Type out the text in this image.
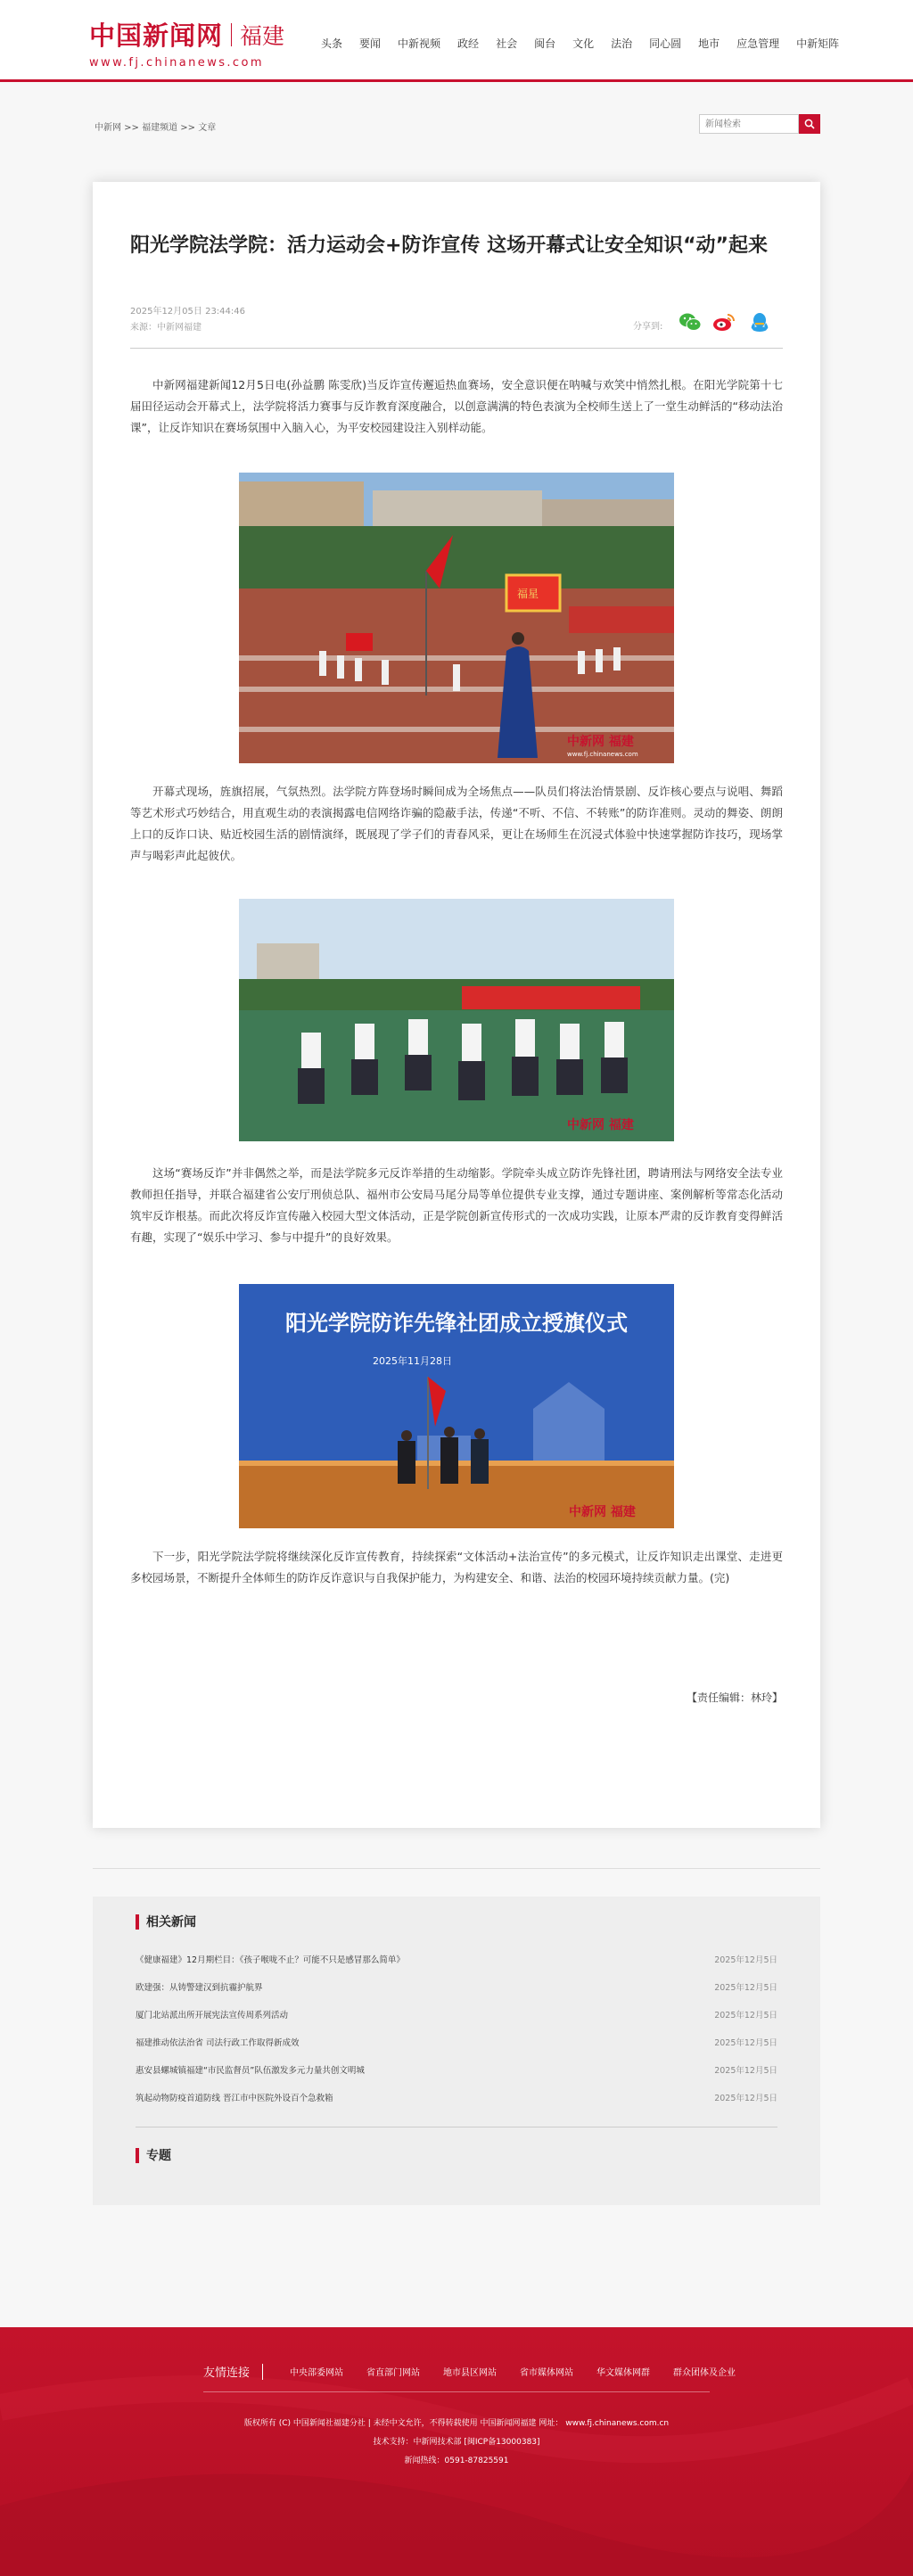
中国新闻网 福建
www.fj.chinanews.com
头条 要闻 中新视频 政经 社会 闽台 文化 法治 同心圆 地市 应急管理 中新矩阵
中新网 >> 福建频道 >> 文章
新闻检索
阳光学院法学院：活力运动会+防诈宣传 这场开幕式让安全知识“动”起来
2025年12月05日 23:44:46
来源：中新网福建	分享到:

中新网福建新闻12月5日电(孙益鹏 陈雯欣)当反诈宣传邂逅热血赛场，安全意识便在呐喊与欢笑中悄然扎根。在阳光学院第十七届田径运动会开幕式上，法学院将活力赛事与反诈教育深度融合，以创意满满的特色表演为全校师生送上了一堂生动鲜活的“移动法治课”，让反诈知识在赛场氛围中入脑入心，为平安校园建设注入别样动能。

福星
中新网 福建
www.fj.chinanews.com

开幕式现场，旌旗招展，气氛热烈。法学院方阵登场时瞬间成为全场焦点——队员们将法治情景剧、反诈核心要点与说唱、舞蹈等艺术形式巧妙结合，用直观生动的表演揭露电信网络诈骗的隐蔽手法，传递“不听、不信、不转账”的防诈准则。灵动的舞姿、朗朗上口的反诈口诀、贴近校园生活的剧情演绎，既展现了学子们的青春风采，更让在场师生在沉浸式体验中快速掌握防诈技巧，现场掌声与喝彩声此起彼伏。

中新网 福建

这场“赛场反诈”并非偶然之举，而是法学院多元反诈举措的生动缩影。学院牵头成立防诈先锋社团，聘请刑法与网络安全法专业教师担任指导，并联合福建省公安厅刑侦总队、福州市公安局马尾分局等单位提供专业支撑，通过专题讲座、案例解析等常态化活动筑牢反诈根基。而此次将反诈宣传融入校园大型文体活动，正是学院创新宣传形式的一次成功实践，让原本严肃的反诈教育变得鲜活有趣，实现了“娱乐中学习、参与中提升”的良好效果。

阳光学院防诈先锋社团成立授旗仪式
2025年11月28日
中新网 福建

下一步，阳光学院法学院将继续深化反诈宣传教育，持续探索“文体活动+法治宣传”的多元模式，让反诈知识走出课堂、走进更多校园场景，不断提升全体师生的防诈反诈意识与自我保护能力，为构建安全、和谐、法治的校园环境持续贡献力量。(完)

【责任编辑：林玲】
相关新闻
《健康福建》12月期栏目：《孩子喉咙不止？可能不只是感冒那么简单》	2025年12月5日
欧建强：从铸警建汉到抗霾护航界	2025年12月5日
厦门北站派出所开展宪法宣传周系列活动	2025年12月5日
福建推动依法治省 司法行政工作取得新成效	2025年12月5日
惠安县螺城镇福建“市民监督员”队伍激发多元力量共创文明城	2025年12月5日
筑起动物防疫首道防线 晋江市中医院外设百个急救箱	2025年12月5日
专题
友情连接	中央部委网站	省直部门网站	地市县区网站	省市媒体网站	华文媒体网群	群众团体及企业
版权所有 (C) 中国新闻社福建分社 | 未经中文允许，不得转载使用 中国新闻网福建 网址： www.fj.chinanews.com.cn
技术支持：中新网技术部 [闽ICP备13000383]
新闻热线：0591-87825591
